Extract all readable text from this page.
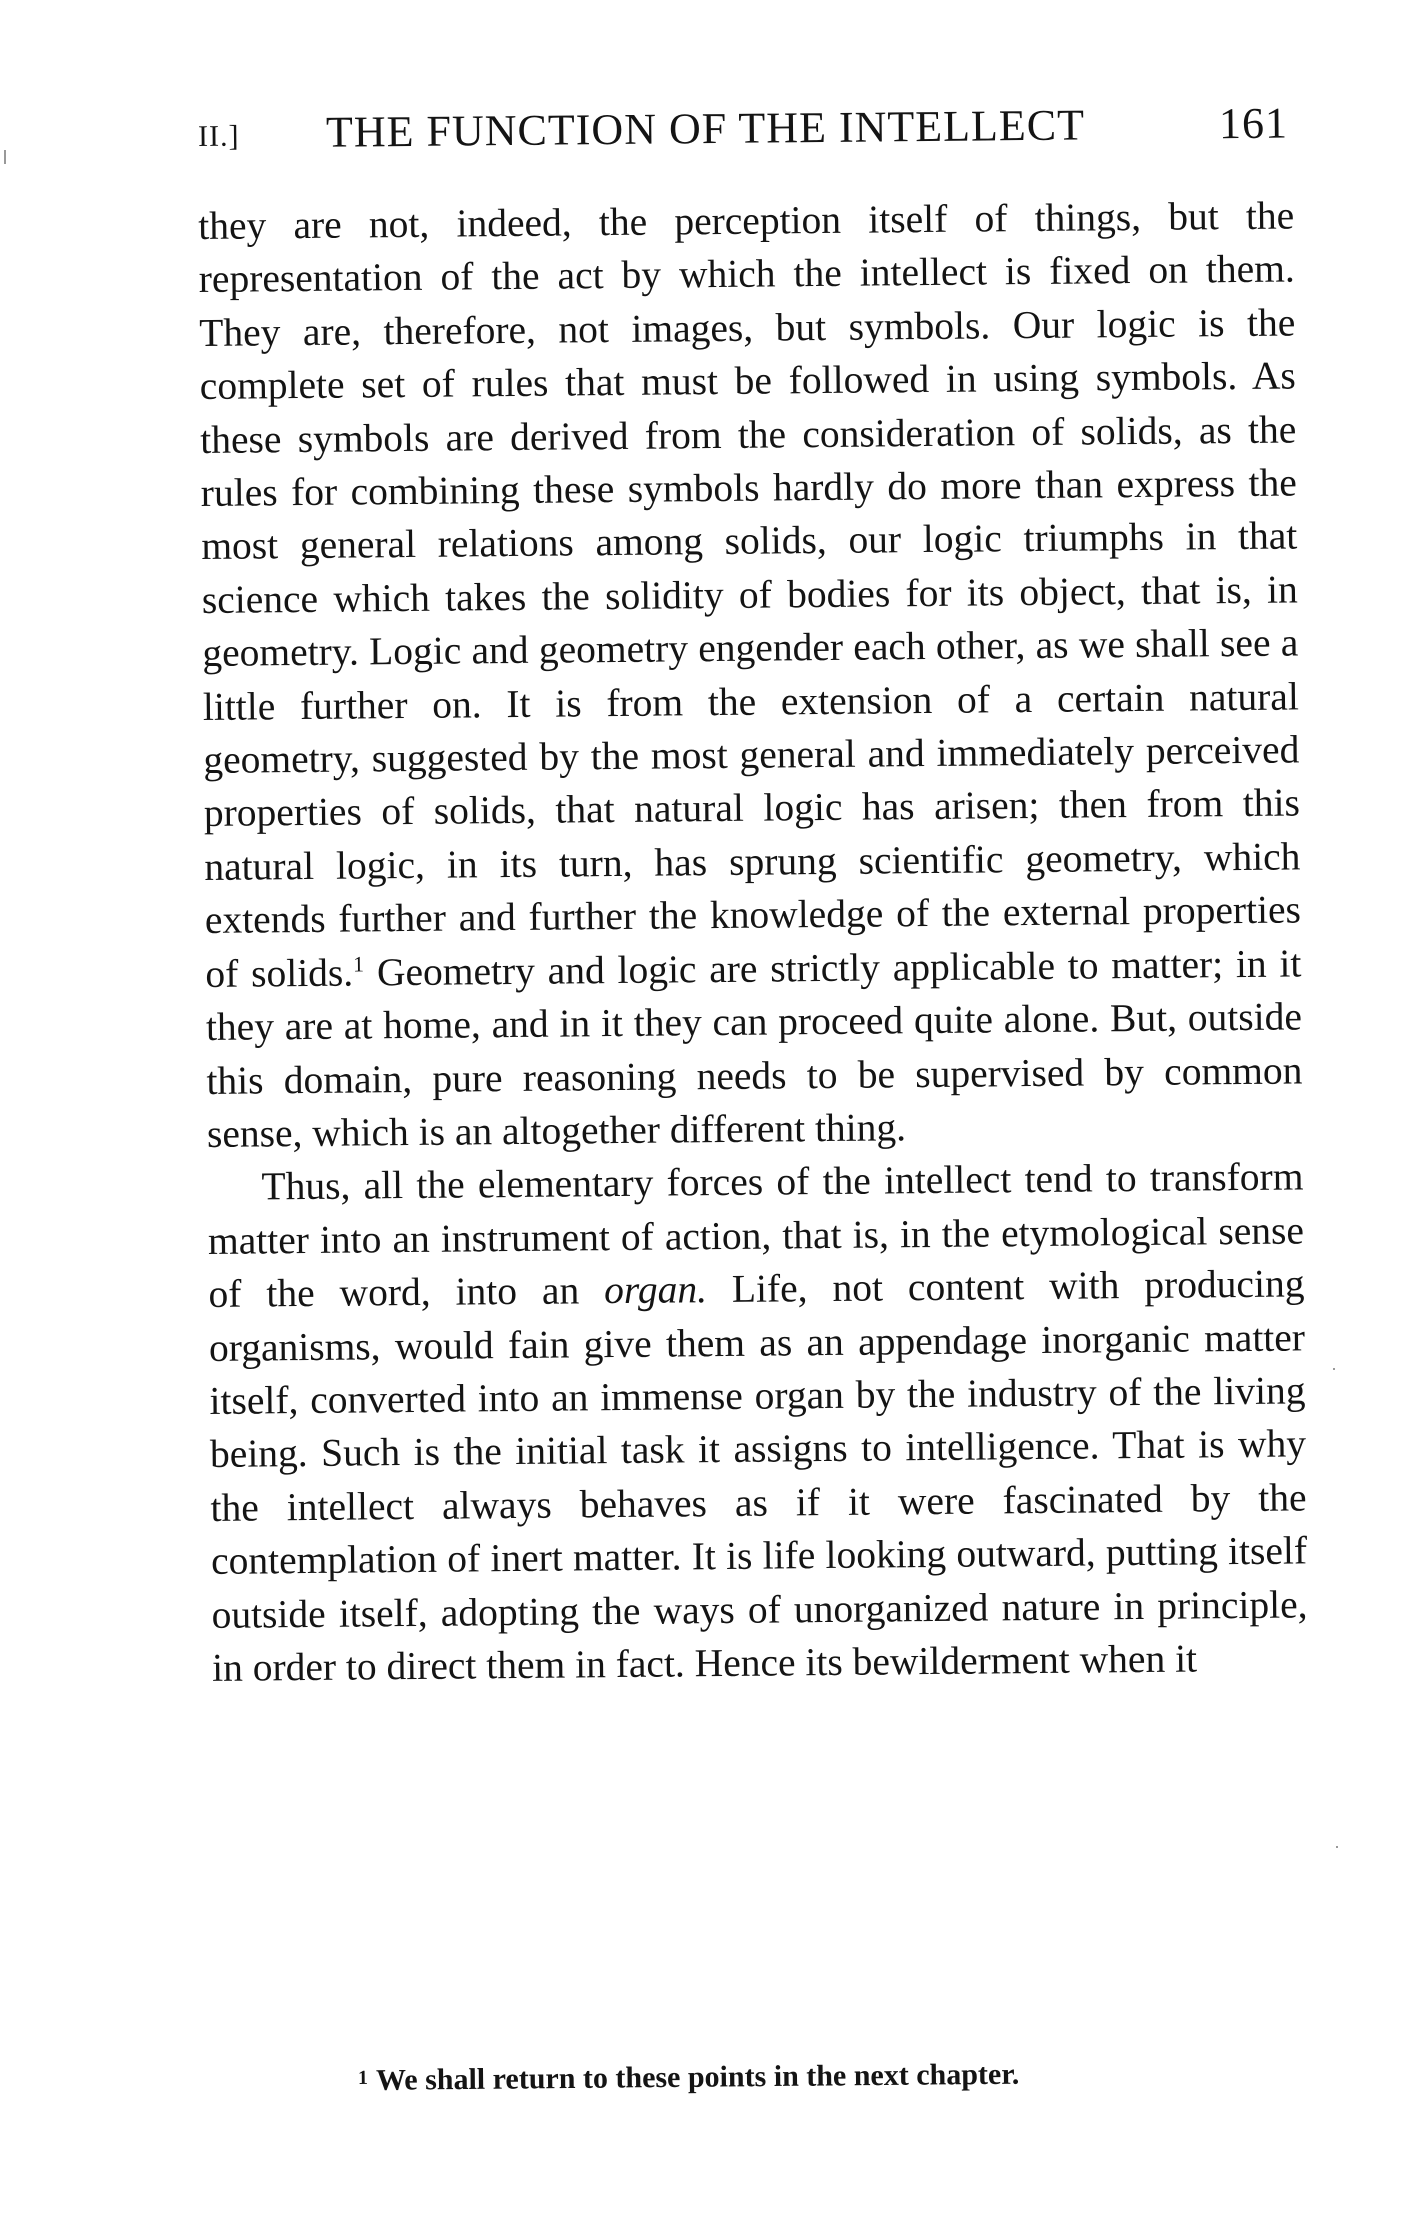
II.] THE FUNCTION OF THE INTELLECT	161

they are not, indeed, the perception itself of things, but the representation of the act by which the intellect is fixed on them. They are, therefore, not images, but symbols. Our logic is the complete set of rules that must be followed in using symbols. As these symbols are derived from the consideration of solids, as the rules for combining these symbols hardly do more than express the most general relations among solids, our logic triumphs in that science which takes the solidity of bodies for its object, that is, in geometry. Logic and geometry engender each other, as we shall see a little further on. It is from the extension of a certain natural geometry, suggested by the most general and immediately perceived properties of solids, that natural logic has arisen; then from this natural logic, in its turn, has sprung scientific geometry, which extends further and further the knowledge of the external properties of solids.$^1$ Geometry and logic are strictly applicable to matter; in it they are at home, and in it they can proceed quite alone. But, outside this domain, pure reasoning needs to be supervised by common sense, which is an altogether different thing.

Thus, all the elementary forces of the intellect tend to transform matter into an instrument of action, that is, in the etymological sense of the word, into an organ. Life, not content with producing organisms, would fain give them as an appendage inorganic matter itself, converted into an immense organ by the industry of the living being. Such is the initial task it assigns to intelligence. That is why the intellect always behaves as if it were fascinated by the contemplation of inert matter. It is life looking outward, putting itself outside itself, adopting the ways of unorganized nature in principle, in order to direct them in fact. Hence its bewilderment when it

$^1$ We shall return to these points in the next chapter.
